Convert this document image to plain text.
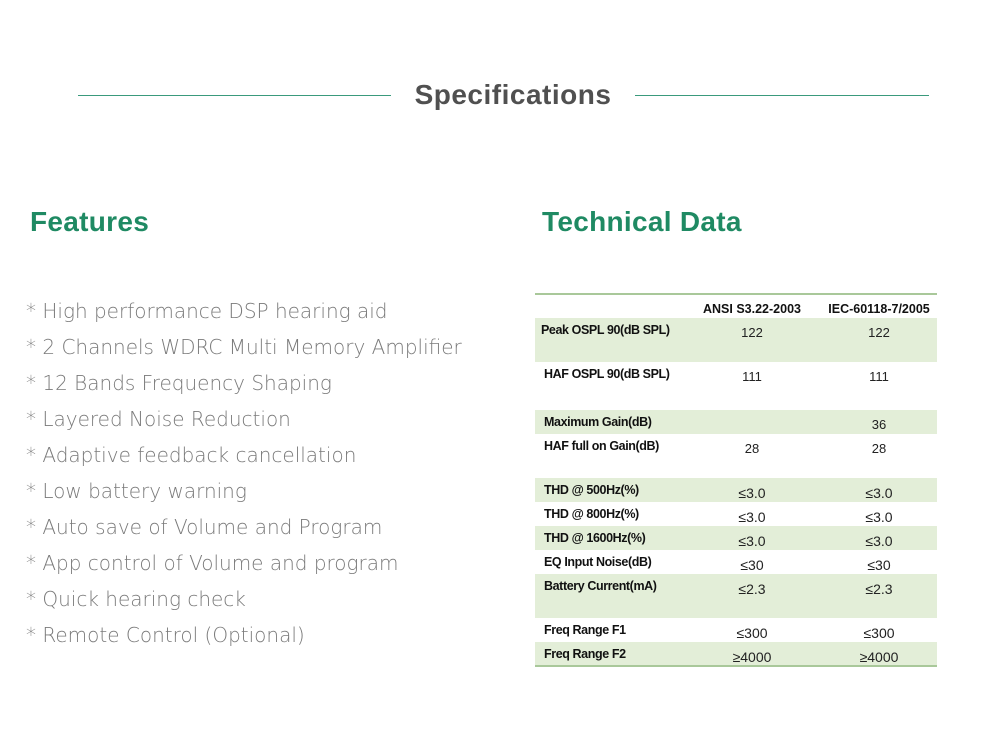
Specifications
Features	Technical Data
* High performance DSP hearing aid
* 2 Channels WDRC Multi Memory Amplifier
* 12 Bands Frequency Shaping
* Layered Noise Reduction
* Adaptive feedback cancellation
* Low battery warning
* Auto save of Volume and Program
* App control of Volume and program
* Quick hearing check
* Remote Control (Optional)
	ANSI S3.22-2003	IEC-60118-7/2005
Peak OSPL 90(dB SPL)	122	122
HAF OSPL 90(dB SPL)	111	111
Maximum Gain(dB)		36
HAF full on Gain(dB)	28	28
THD @ 500Hz(%)	≤3.0	≤3.0
THD @ 800Hz(%)	≤3.0	≤3.0
THD @ 1600Hz(%)	≤3.0	≤3.0
EQ Input Noise(dB)	≤30	≤30
Battery Current(mA)	≤2.3	≤2.3
Freq Range F1	≤300	≤300
Freq Range F2	≥4000	≥4000
